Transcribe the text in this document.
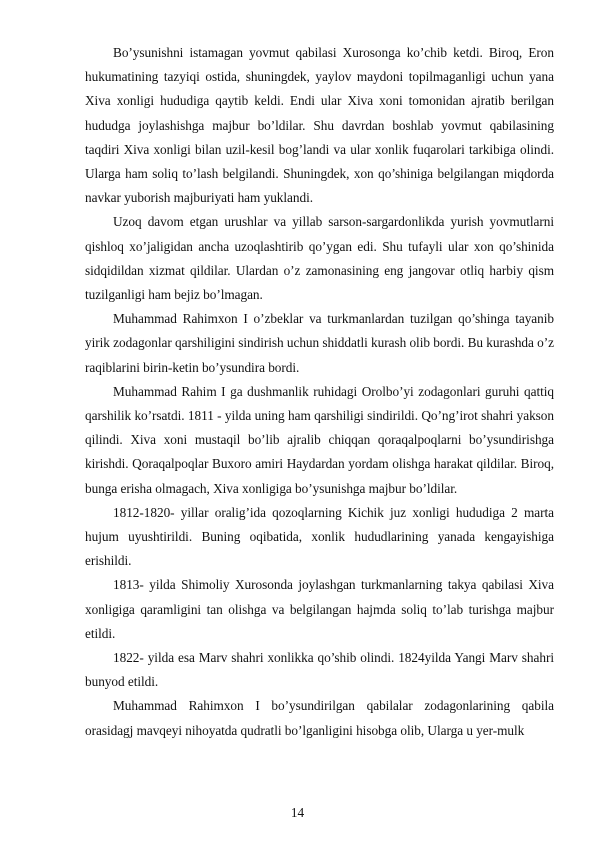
Bo’ysunishni istamagan yovmut qabilasi Xurosonga ko’chib ketdi. Biroq, Eron hukumatining tazyiqi ostida, shuningdek, yaylov maydoni topilmaganligi uchun yana Xiva xonligi hududiga qaytib keldi. Endi ular Xiva xoni tomonidan ajratib berilgan hududga joylashishga majbur bo’ldilar. Shu davrdan boshlab yovmut qabilasining taqdiri Xiva xonligi bilan uzil-kesil bog’landi va ular xonlik fuqarolari tarkibiga olindi. Ularga ham soliq to’lash belgilandi. Shuningdek, xon qo’shiniga belgilangan miqdorda navkar yuborish majburiyati ham yuklandi.

Uzoq davom etgan urushlar va yillab sarson-sargardonlikda yurish yovmutlarni qishloq xo’jaligidan ancha uzoqlashtirib qo’ygan edi. Shu tufayli ular xon qo’shinida sidqidildan xizmat qildilar. Ulardan o’z zamonasining eng jangovar otliq harbiy qism tuzilganligi ham bejiz bo’lmagan.

Muhammad Rahimxon I o’zbeklar va turkmanlardan tuzilgan qo’shinga tayanib yirik zodagonlar qarshiligini sindirish uchun shiddatli kurash olib bordi. Bu kurashda o’z raqiblarini birin-ketin bo’ysundira bordi.

Muhammad Rahim I ga dushmanlik ruhidagi Orolbo’yi zodagonlari guruhi qattiq qarshilik ko’rsatdi. 1811 - yilda uning ham qarshiligi sindirildi. Qo’ng’irot shahri yakson qilindi. Xiva xoni mustaqil bo’lib ajralib chiqqan qoraqalpoqlarni bo’ysundirishga kirishdi. Qoraqalpoqlar Buxoro amiri Haydardan yordam olishga harakat qildilar. Biroq, bunga erisha olmagach, Xiva xonligiga bo’ysunishga majbur bo’ldilar.

1812-1820- yillar oralig’ida qozoqlarning Kichik juz xonligi hududiga 2 marta hujum uyushtirildi. Buning oqibatida, xonlik hududlarining yanada kengayishiga erishildi.

1813- yilda Shimoliy Xurosonda joylashgan turkmanlarning takya qabilasi Xiva xonligiga qaramligini tan olishga va belgilangan hajmda soliq to’lab turishga majbur etildi.

1822- yilda esa Marv shahri xonlikka qo’shib olindi. 1824yilda Yangi Marv shahri bunyod etildi.

Muhammad Rahimxon I bo’ysundirilgan qabilalar zodagonlarining qabila orasidagj mavqeyi nihoyatda qudratli bo’lganligini hisobga olib, Ularga u yer-mulk

14
